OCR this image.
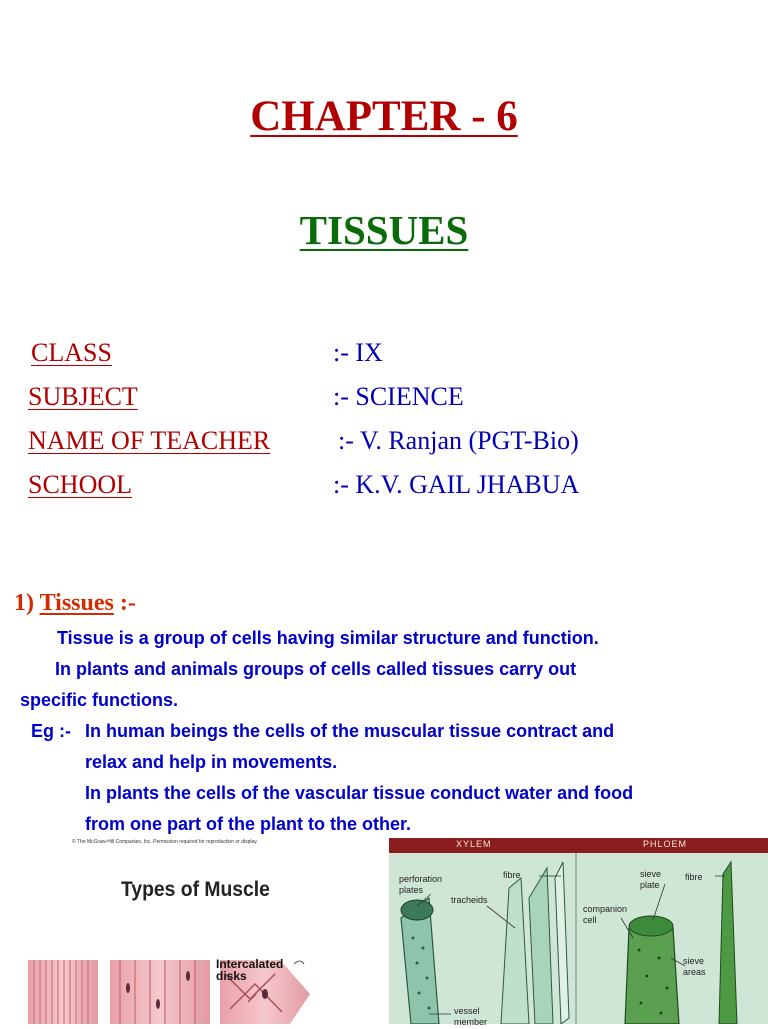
CHAPTER - 6
TISSUES
CLASS	:- IX
SUBJECT	:- SCIENCE
NAME OF TEACHER	:- V. Ranjan (PGT-Bio)
SCHOOL	:- K.V. GAIL JHABUA
1) Tissues :-
Tissue is a group of cells having similar structure and function.
In plants and animals groups of cells called tissues carry out
specific functions.
Eg :- In human beings the cells of the muscular tissue contract and
relax and help in movements.
In plants the cells of the vascular tissue conduct water and food
from one part of the plant to the other.
© The McGraw-Hill Companies, Inc. Permission required for reproduction or display.
Types of Muscle
Intercalated disks
XYLEM	PHLOEM
perforation
plates
fibre
tracheids
vessel
member
sieve
plate
fibre
companion
cell
sieve
areas
